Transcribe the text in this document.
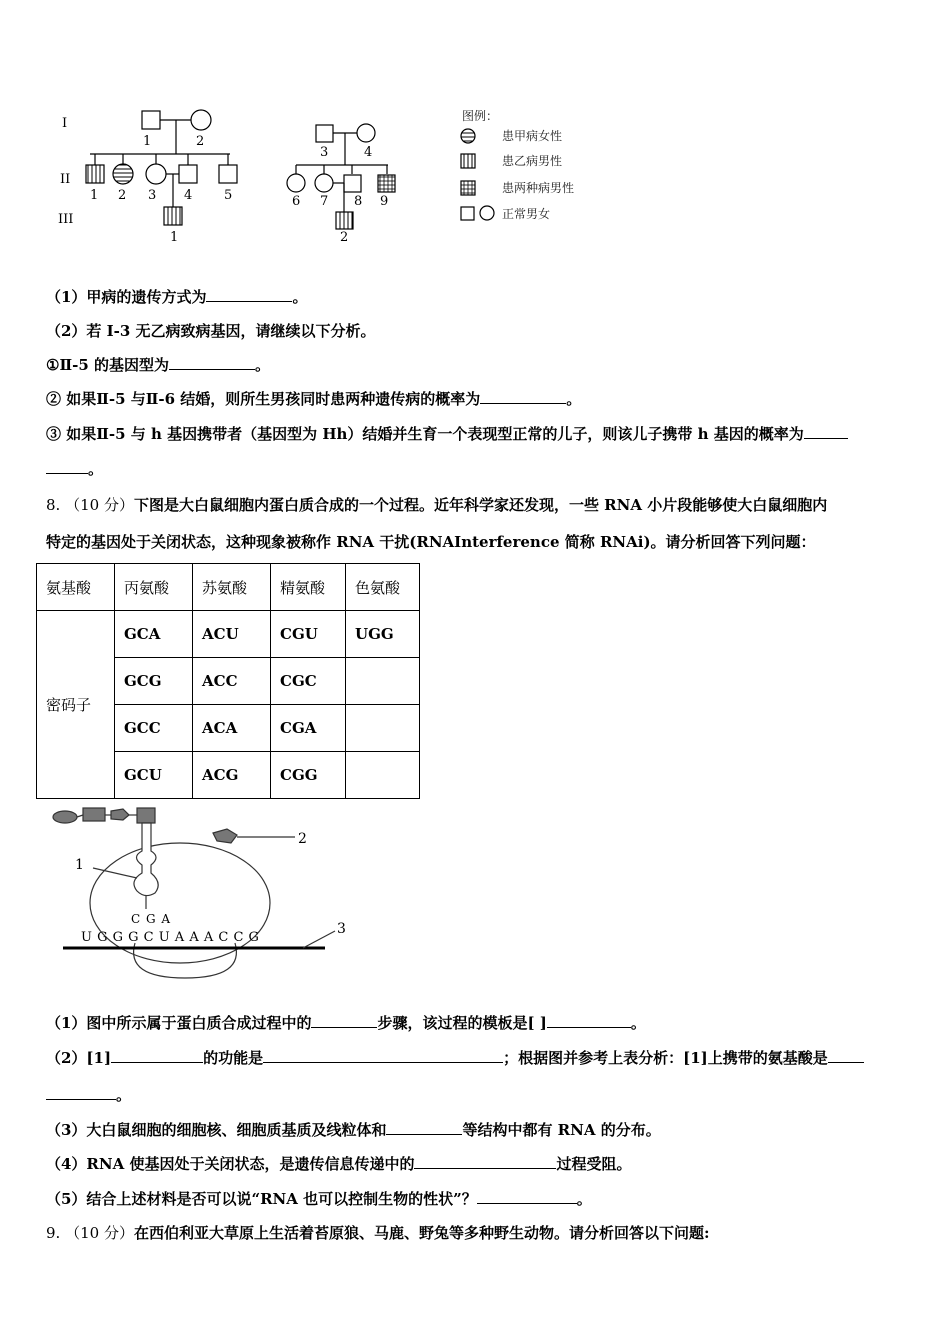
I
II
III
1	2
1 2 3 4 5
1
3	4
6 7 8 9
2
图例：
患甲病女性
患乙病男性
患两种病男性
正常男女
（1）甲病的遗传方式为	。
（2）若 I-3 无乙病致病基因，请继续以下分析。
①Ⅱ-5 的基因型为	。
② 如果Ⅱ-5 与Ⅱ-6 结婚，则所生男孩同时患两种遗传病的概率为	。
③ 如果Ⅱ-5 与 h 基因携带者（基因型为 Hh）结婚并生育一个表现型正常的儿子，则该儿子携带 h 基因的概率为
。
8. （10 分）下图是大白鼠细胞内蛋白质合成的一个过程。近年科学家还发现，一些 RNA 小片段能够使大白鼠细胞内
特定的基因处于关闭状态，这种现象被称作 RNA 干扰(RNAInterference 简称 RNAi)。请分析回答下列问题：
氨基酸	丙氨酸	苏氨酸	精氨酸	色氨酸
密码子	GCA	ACU	CGU	UGG
	GCG	ACC	CGC	
	GCC	ACA	CGA	
	GCU	ACG	CGG	
2
1
C G A
3
U G G G C U A A A C C G
（1）图中所示属于蛋白质合成过程中的	步骤，该过程的模板是[ ]	。
（2）[1]	的功能是	；根据图并参考上表分析：[1]上携带的氨基酸是
。
（3）大白鼠细胞的细胞核、细胞质基质及线粒体和	等结构中都有 RNA 的分布。
（4）RNA 使基因处于关闭状态，是遗传信息传递中的	过程受阻。
（5）结合上述材料是否可以说“RNA 也可以控制生物的性状”？	。
9. （10 分）在西伯利亚大草原上生活着苔原狼、马鹿、野兔等多种野生动物。请分析回答以下问题:
